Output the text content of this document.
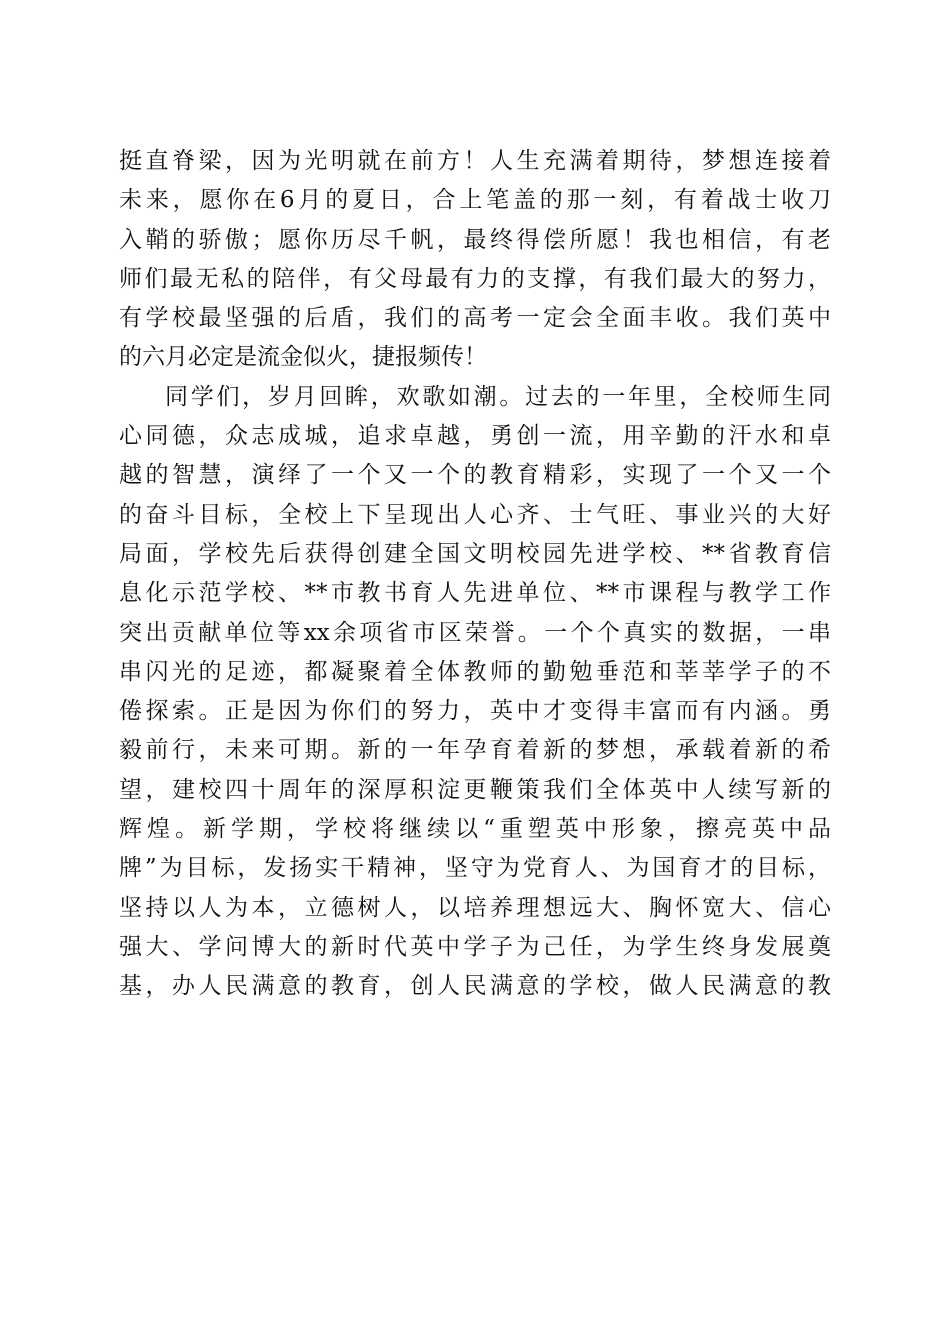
挺直脊梁，因为光明就在前方！人生充满着期待，梦想连接着
未来，愿你在6月的夏日，合上笔盖的那一刻，有着战士收刀
入鞘的骄傲；愿你历尽千帆，最终得偿所愿！我也相信，有老
师们最无私的陪伴，有父母最有力的支撑，有我们最大的努力，
有学校最坚强的后盾，我们的高考一定会全面丰收。我们英中
的六月必定是流金似火，捷报频传！
同学们，岁月回眸，欢歌如潮。过去的一年里，全校师生同
心同德，众志成城，追求卓越，勇创一流，用辛勤的汗水和卓
越的智慧，演绎了一个又一个的教育精彩，实现了一个又一个
的奋斗目标，全校上下呈现出人心齐、士气旺、事业兴的大好
局面，学校先后获得创建全国文明校园先进学校、**省教育信
息化示范学校、**市教书育人先进单位、**市课程与教学工作
突出贡献单位等xx余项省市区荣誉。一个个真实的数据，一串
串闪光的足迹，都凝聚着全体教师的勤勉垂范和莘莘学子的不
倦探索。正是因为你们的努力，英中才变得丰富而有内涵。勇
毅前行，未来可期。新的一年孕育着新的梦想，承载着新的希
望，建校四十周年的深厚积淀更鞭策我们全体英中人续写新的
辉煌。新学期，学校将继续以“重塑英中形象，擦亮英中品
牌”为目标，发扬实干精神，坚守为党育人、为国育才的目标，
坚持以人为本，立德树人，以培养理想远大、胸怀宽大、信心
强大、学问博大的新时代英中学子为己任，为学生终身发展奠
基，办人民满意的教育，创人民满意的学校，做人民满意的教
